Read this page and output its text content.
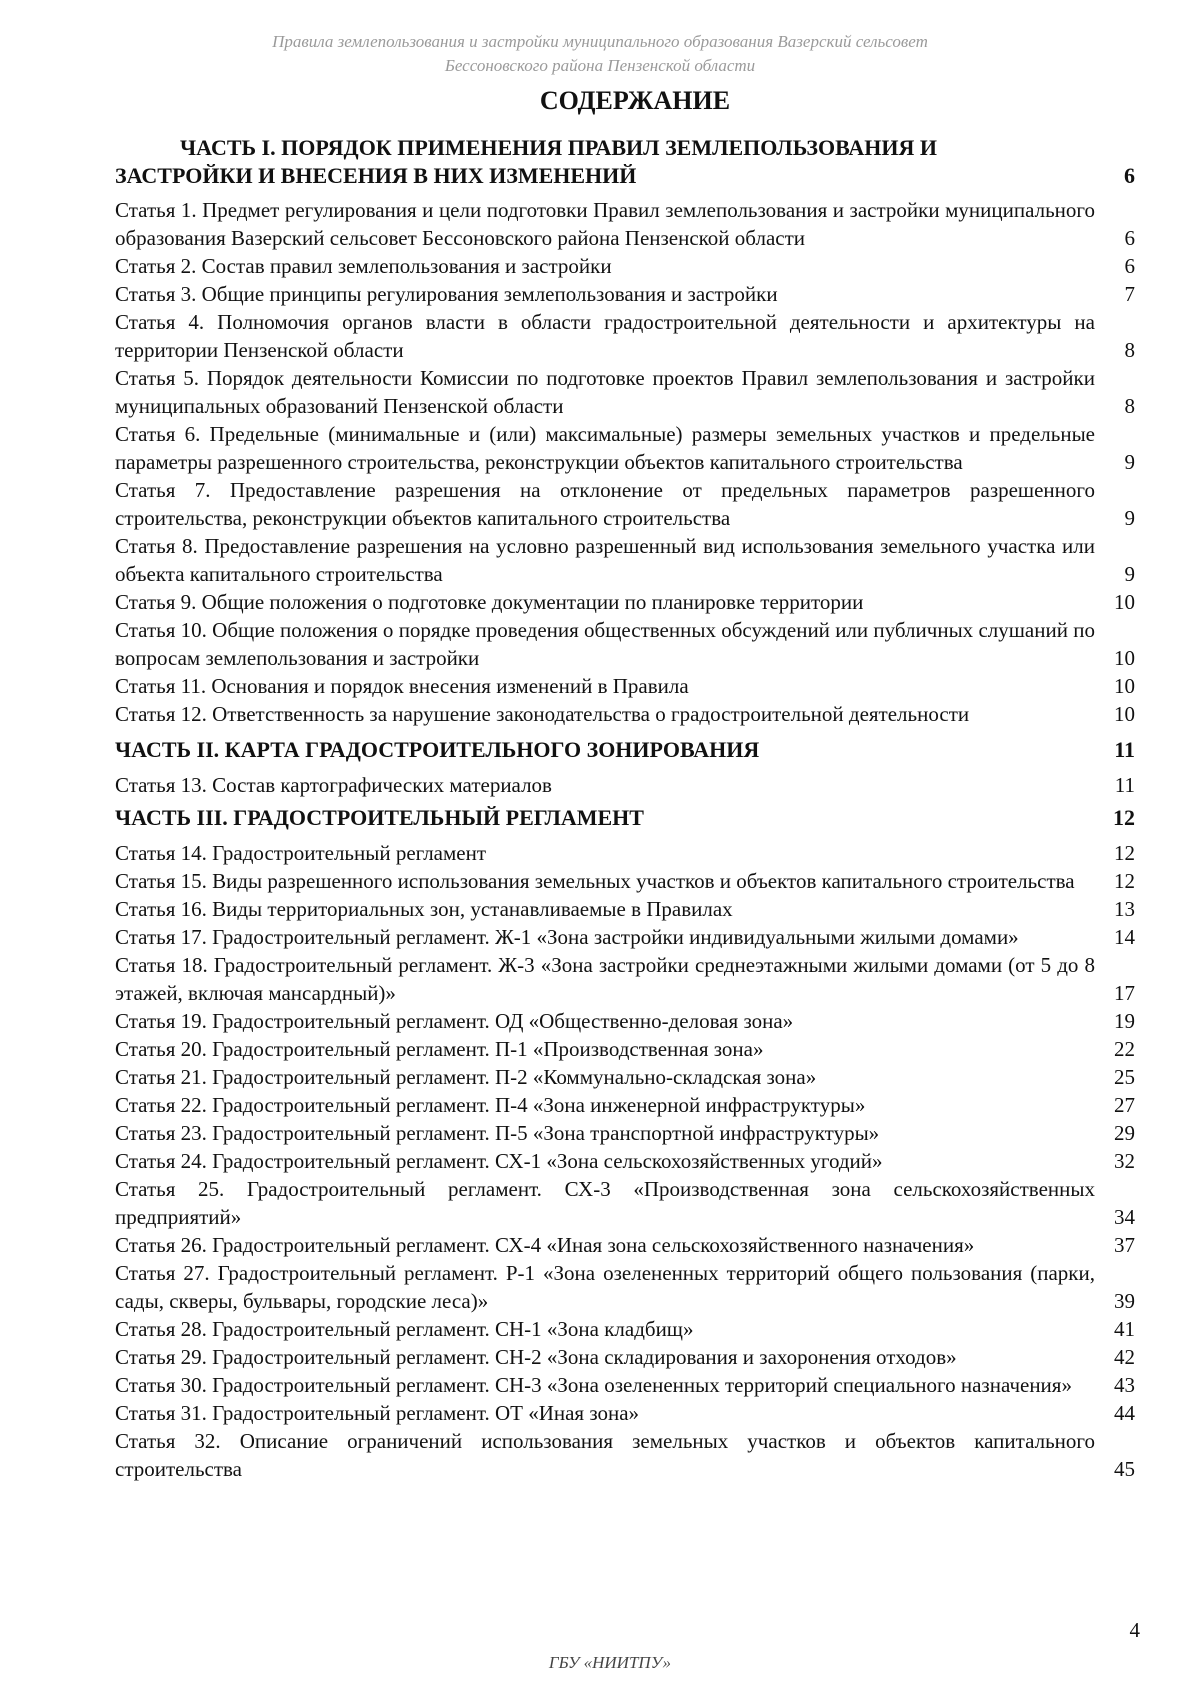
Правила землепользования и застройки муниципального образования Вазерский сельсовет
Бессоновского района Пензенской области
СОДЕРЖАНИЕ
ЧАСТЬ I. ПОРЯДОК ПРИМЕНЕНИЯ ПРАВИЛ ЗЕМЛЕПОЛЬЗОВАНИЯ И ЗАСТРОЙКИ И ВНЕСЕНИЯ В НИХ ИЗМЕНЕНИЙ	6
Статья 1. Предмет регулирования и цели подготовки Правил землепользования и застройки муниципального образования Вазерский сельсовет Бессоновского района Пензенской области	6
Статья 2. Состав правил землепользования и застройки	6
Статья 3. Общие принципы регулирования землепользования и застройки	7
Статья 4. Полномочия органов власти в области градостроительной деятельности и архитектуры на территории Пензенской области	8
Статья 5. Порядок деятельности Комиссии по подготовке проектов Правил землепользования и застройки муниципальных образований Пензенской области	8
Статья 6. Предельные (минимальные и (или) максимальные) размеры земельных участков и предельные параметры разрешенного строительства, реконструкции объектов капитального строительства	9
Статья 7. Предоставление разрешения на отклонение от предельных параметров разрешенного строительства, реконструкции объектов капитального строительства	9
Статья 8. Предоставление разрешения на условно разрешенный вид использования земельного участка или объекта капитального строительства	9
Статья 9. Общие положения о подготовке документации по планировке территории	10
Статья 10. Общие положения о порядке проведения общественных обсуждений или публичных слушаний по вопросам землепользования и застройки	10
Статья 11. Основания и порядок внесения изменений в Правила	10
Статья 12. Ответственность за нарушение законодательства о градостроительной деятельности	10
ЧАСТЬ II. КАРТА ГРАДОСТРОИТЕЛЬНОГО ЗОНИРОВАНИЯ	11
Статья 13. Состав картографических материалов	11
ЧАСТЬ III. ГРАДОСТРОИТЕЛЬНЫЙ РЕГЛАМЕНТ	12
Статья 14. Градостроительный регламент	12
Статья 15. Виды разрешенного использования земельных участков и объектов капитального строительства	12
Статья 16. Виды территориальных зон, устанавливаемые в Правилах	13
Статья 17. Градостроительный регламент. Ж-1 «Зона застройки индивидуальными жилыми домами»	14
Статья 18. Градостроительный регламент. Ж-3 «Зона застройки среднеэтажными жилыми домами (от 5 до 8 этажей, включая мансардный)»	17
Статья 19. Градостроительный регламент. ОД «Общественно-деловая зона»	19
Статья 20. Градостроительный регламент. П-1 «Производственная зона»	22
Статья 21. Градостроительный регламент. П-2 «Коммунально-складская зона»	25
Статья 22. Градостроительный регламент. П-4 «Зона инженерной инфраструктуры»	27
Статья 23. Градостроительный регламент. П-5 «Зона транспортной инфраструктуры»	29
Статья 24. Градостроительный регламент. СХ-1 «Зона сельскохозяйственных угодий»	32
Статья 25. Градостроительный регламент. СХ-3 «Производственная зона сельскохозяйственных предприятий»	34
Статья 26. Градостроительный регламент. СХ-4 «Иная зона сельскохозяйственного назначения»	37
Статья 27. Градостроительный регламент. Р-1 «Зона озелененных территорий общего пользования (парки, сады, скверы, бульвары, городские леса)»	39
Статья 28. Градостроительный регламент. СН-1 «Зона кладбищ»	41
Статья 29. Градостроительный регламент. СН-2 «Зона складирования и захоронения отходов»	42
Статья 30. Градостроительный регламент. СН-3 «Зона озелененных территорий специального назначения»	43
Статья 31. Градостроительный регламент. ОТ «Иная зона»	44
Статья 32. Описание ограничений использования земельных участков и объектов капитального строительства	45
4
ГБУ «НИИТПУ»
